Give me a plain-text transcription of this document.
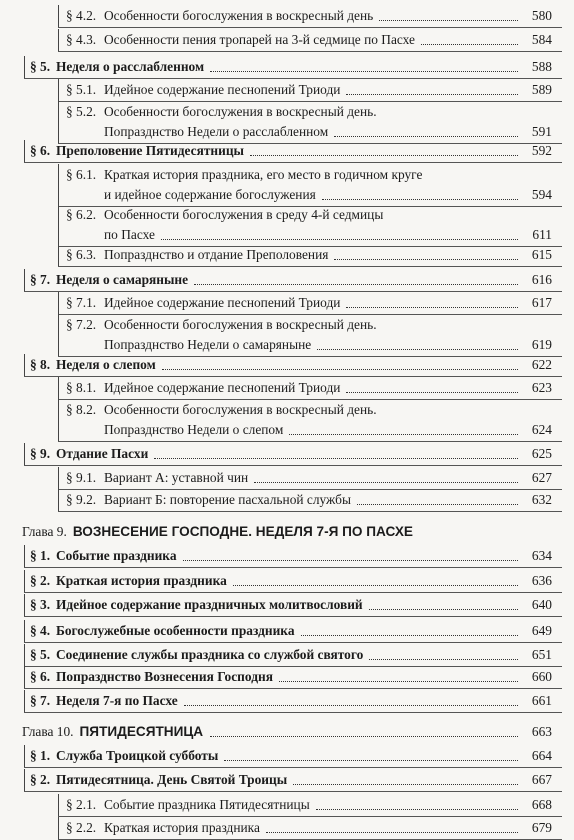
§ 4.2. Особенности богослужения в воскресный день	580
§ 4.3. Особенности пения тропарей на 3-й седмице по Пасхе	584
§ 5. Неделя о расслабленном	588
§ 5.1. Идейное содержание песнопений Триоди	589
§ 5.2. Особенности богослужения в воскресный день.
Попразднство Недели о расслабленном	591
§ 6. Преполовение Пятидесятницы	592
§ 6.1. Краткая история праздника, его место в годичном круге
и идейное содержание богослужения	594
§ 6.2. Особенности богослужения в среду 4-й седмицы
по Пасхе	611
§ 6.3. Попразднство и отдание Преполовения	615
§ 7. Неделя о самаряныне	616
§ 7.1. Идейное содержание песнопений Триоди	617
§ 7.2. Особенности богослужения в воскресный день.
Попразднство Недели о самаряныне	619
§ 8. Неделя о слепом	622
§ 8.1. Идейное содержание песнопений Триоди	623
§ 8.2. Особенности богослужения в воскресный день.
Попразднство Недели о слепом	624
§ 9. Отдание Пасхи	625
§ 9.1. Вариант А: уставной чин	627
§ 9.2. Вариант Б: повторение пасхальной службы	632
Глава 9. ВОЗНЕСЕНИЕ ГОСПОДНЕ. НЕДЕЛЯ 7-Я ПО ПАСХЕ
§ 1. Событие праздника	634
§ 2. Краткая история праздника	636
§ 3. Идейное содержание праздничных молитвословий	640
§ 4. Богослужебные особенности праздника	649
§ 5. Соединение службы праздника со службой святого	651
§ 6. Попразднство Вознесения Господня	660
§ 7. Неделя 7-я по Пасхе	661
Глава 10. ПЯТИДЕСЯТНИЦА	663
§ 1. Служба Троицкой субботы	664
§ 2. Пятидесятница. День Святой Троицы	667
§ 2.1. Событие праздника Пятидесятницы	668
§ 2.2. Краткая история праздника	679
